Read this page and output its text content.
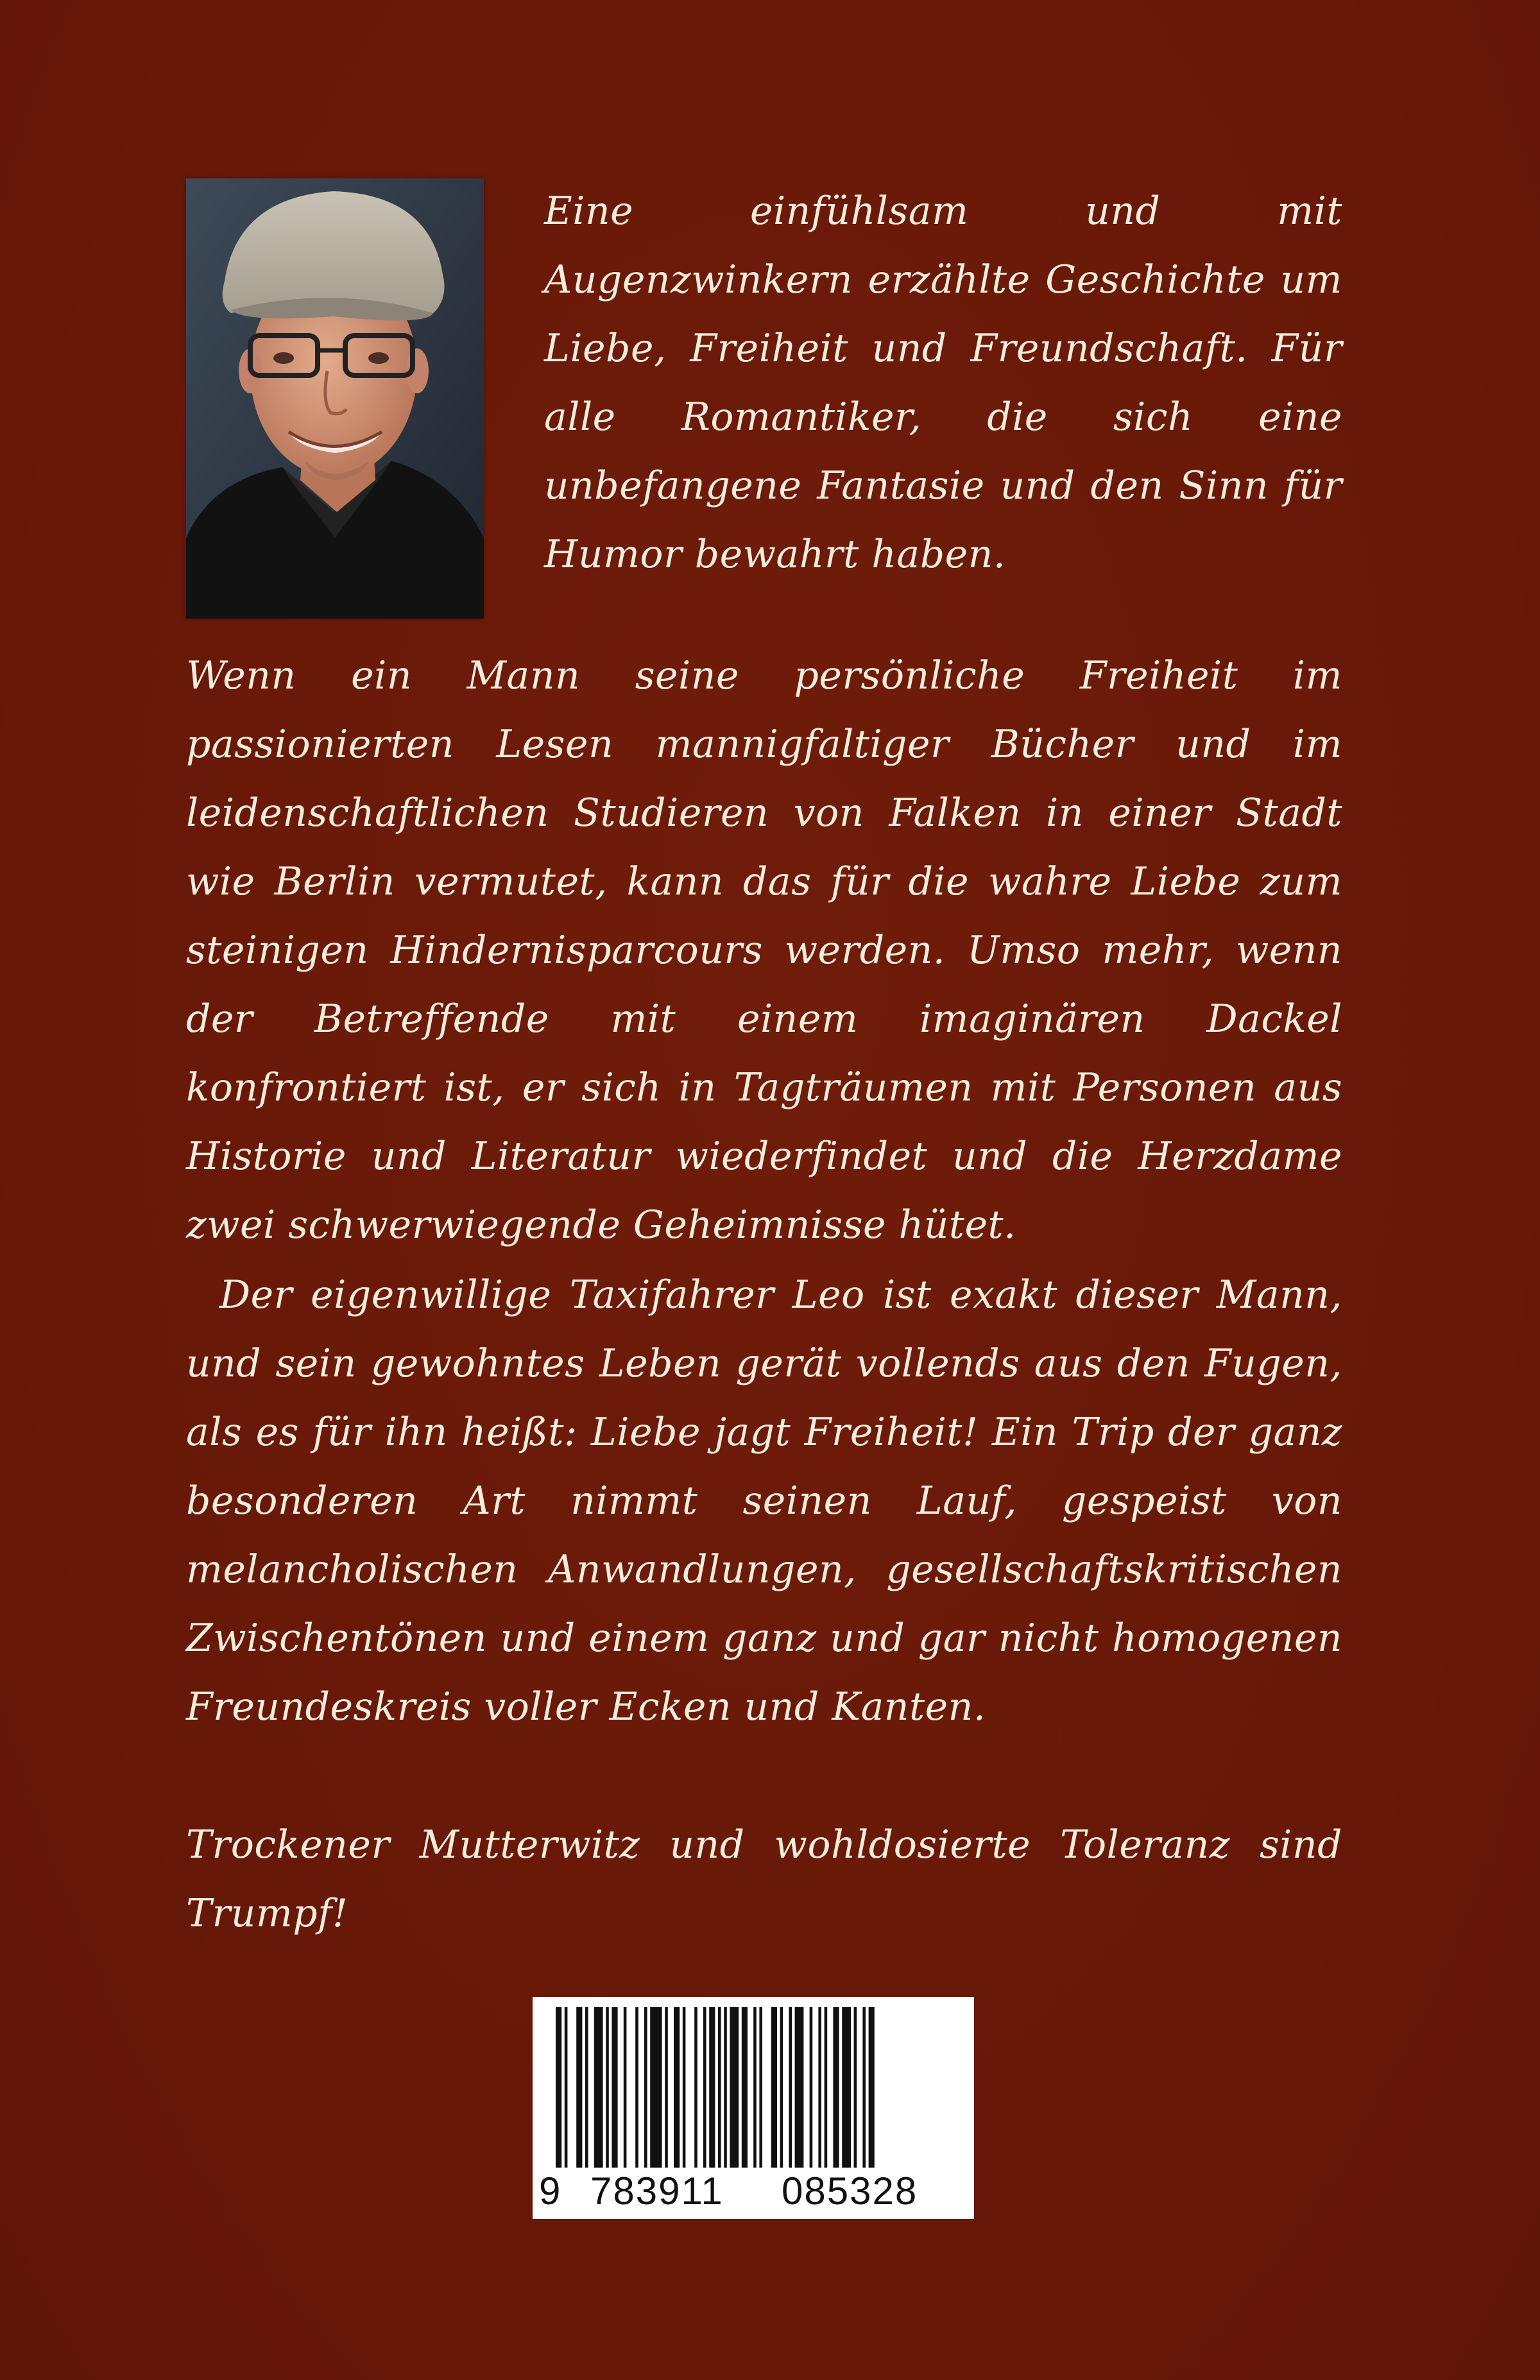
Eine einfühlsam und mit Augenzwinkern erzählte Geschichte um Liebe, Freiheit und Freundschaft. Für alle Romantiker, die sich eine unbefangene Fantasie und den Sinn für Humor bewahrt haben.

Wenn ein Mann seine persönliche Freiheit im passionierten Lesen mannigfaltiger Bücher und im leidenschaftlichen Studieren von Falken in einer Stadt wie Berlin vermutet, kann das für die wahre Liebe zum steinigen Hindernisparcours werden. Umso mehr, wenn der Betreffende mit einem imaginären Dackel konfrontiert ist, er sich in Tagträumen mit Personen aus Historie und Literatur wiederfindet und die Herzdame zwei schwerwiegende Geheimnisse hütet.

Der eigenwillige Taxifahrer Leo ist exakt dieser Mann, und sein gewohntes Leben gerät vollends aus den Fugen, als es für ihn heißt: Liebe jagt Freiheit! Ein Trip der ganz besonderen Art nimmt seinen Lauf, gespeist von melancholischen Anwandlungen, gesellschaftskritischen Zwischentönen und einem ganz und gar nicht homogenen Freundeskreis voller Ecken und Kanten.

Trockener Mutterwitz und wohldosierte Toleranz sind Trumpf!

9 783911 085328
